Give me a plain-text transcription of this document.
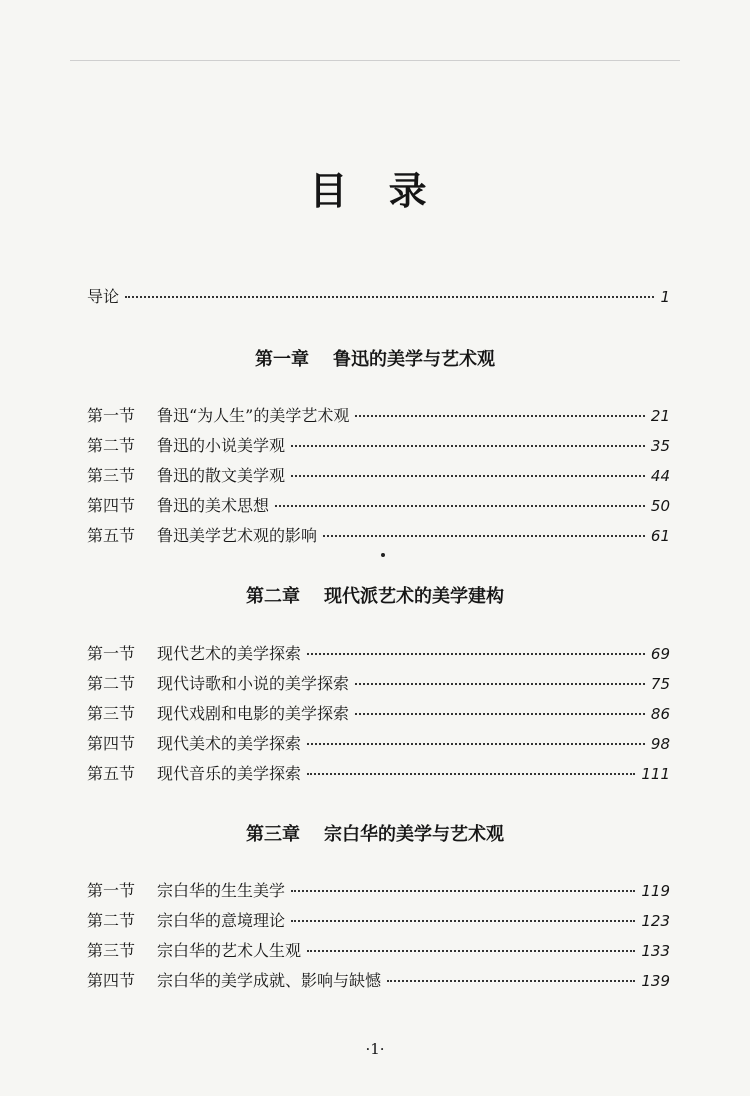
目 录
导论	1
第一章 鲁迅的美学与艺术观
第一节	鲁迅“为人生”的美学艺术观	21
第二节	鲁迅的小说美学观	35
第三节	鲁迅的散文美学观	44
第四节	鲁迅的美术思想	50
第五节	鲁迅美学艺术观的影响	61
第二章 现代派艺术的美学建构
第一节	现代艺术的美学探索	69
第二节	现代诗歌和小说的美学探索	75
第三节	现代戏剧和电影的美学探索	86
第四节	现代美术的美学探索	98
第五节	现代音乐的美学探索	111
第三章 宗白华的美学与艺术观
第一节	宗白华的生生美学	119
第二节	宗白华的意境理论	123
第三节	宗白华的艺术人生观	133
第四节	宗白华的美学成就、影响与缺憾	139
·1·
